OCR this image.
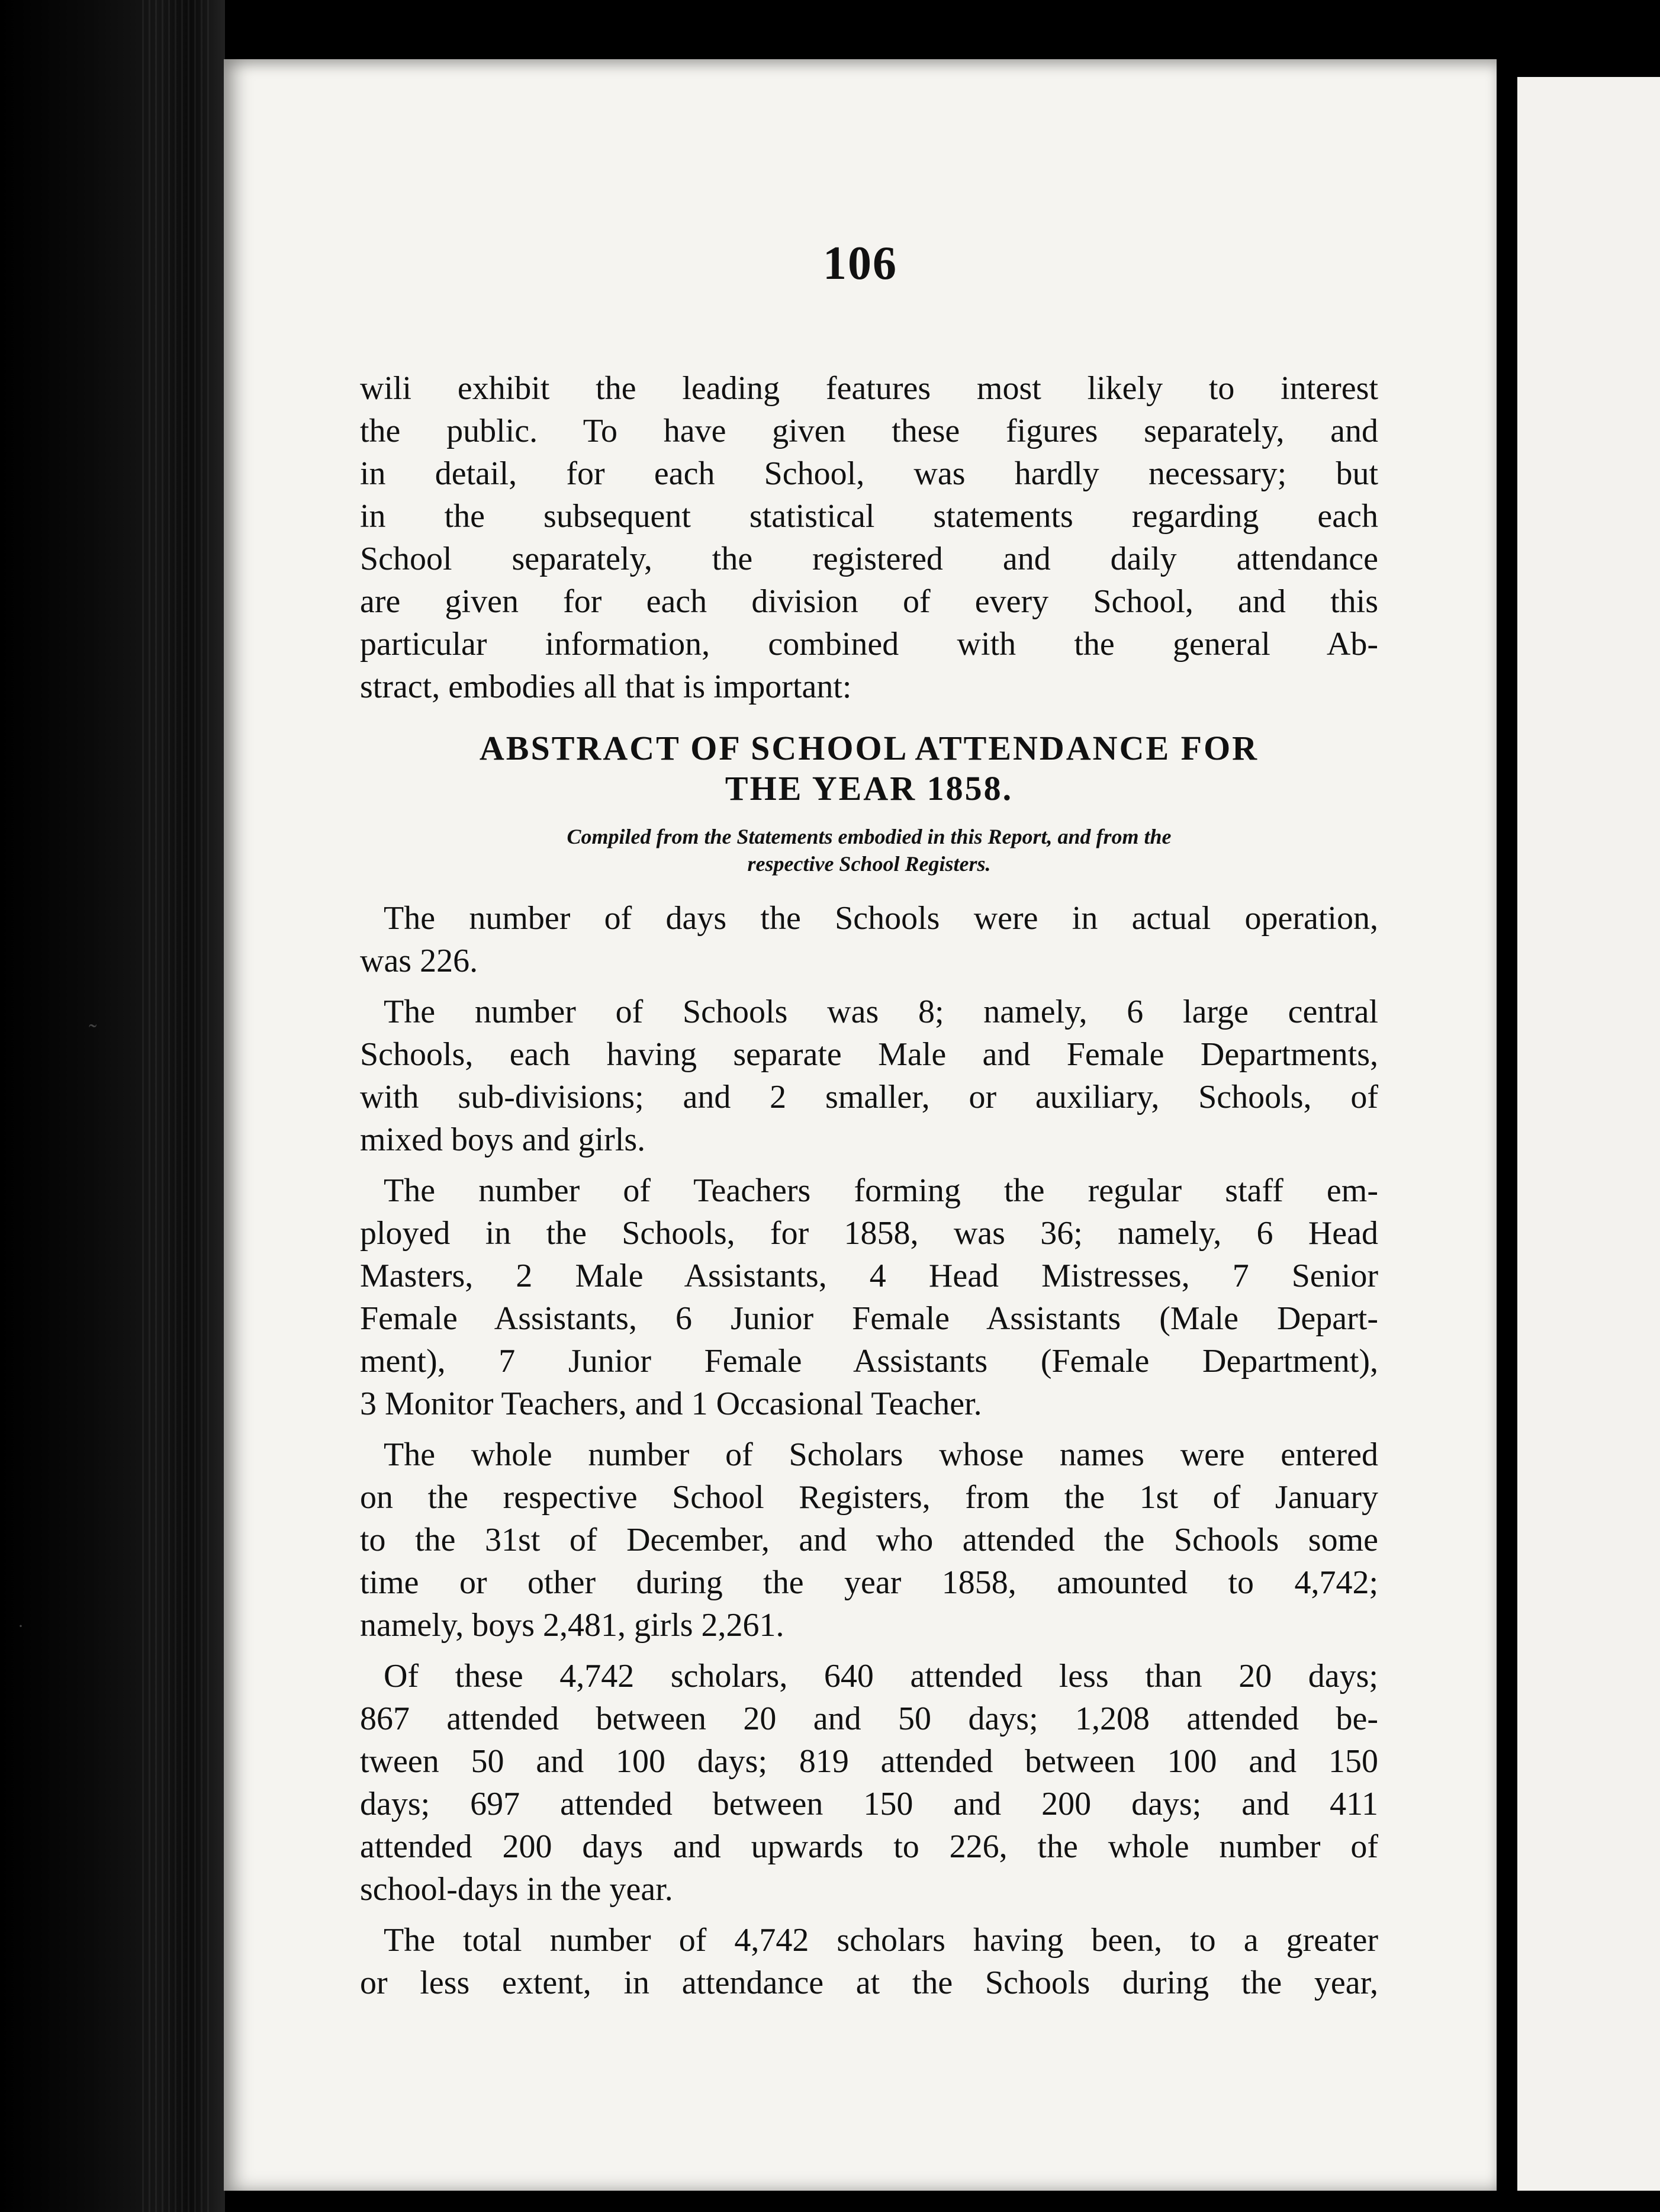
106
wili exhibit the leading features most likely to interest
the public. To have given these figures separately, and
in detail, for each School, was hardly necessary; but
in the subsequent statistical statements regarding each
School separately, the registered and daily attendance
are given for each division of every School, and this
particular information, combined with the general Ab-
stract, embodies all that is important:
ABSTRACT OF SCHOOL ATTENDANCE FOR
THE YEAR 1858.
Compiled from the Statements embodied in this Report, and from the
respective School Registers.
The number of days the Schools were in actual operation,
was 226.
The number of Schools was 8; namely, 6 large central
Schools, each having separate Male and Female Departments,
with sub-divisions; and 2 smaller, or auxiliary, Schools, of
mixed boys and girls.
The number of Teachers forming the regular staff em-
ployed in the Schools, for 1858, was 36; namely, 6 Head
Masters, 2 Male Assistants, 4 Head Mistresses, 7 Senior
Female Assistants, 6 Junior Female Assistants (Male Depart-
ment), 7 Junior Female Assistants (Female Department),
3 Monitor Teachers, and 1 Occasional Teacher.
The whole number of Scholars whose names were entered
on the respective School Registers, from the 1st of January
to the 31st of December, and who attended the Schools some
time or other during the year 1858, amounted to 4,742;
namely, boys 2,481, girls 2,261.
Of these 4,742 scholars, 640 attended less than 20 days;
867 attended between 20 and 50 days; 1,208 attended be-
tween 50 and 100 days; 819 attended between 100 and 150
days; 697 attended between 150 and 200 days; and 411
attended 200 days and upwards to 226, the whole number of
school-days in the year.
The total number of 4,742 scholars having been, to a greater
or less extent, in attendance at the Schools during the year,
˜
·
